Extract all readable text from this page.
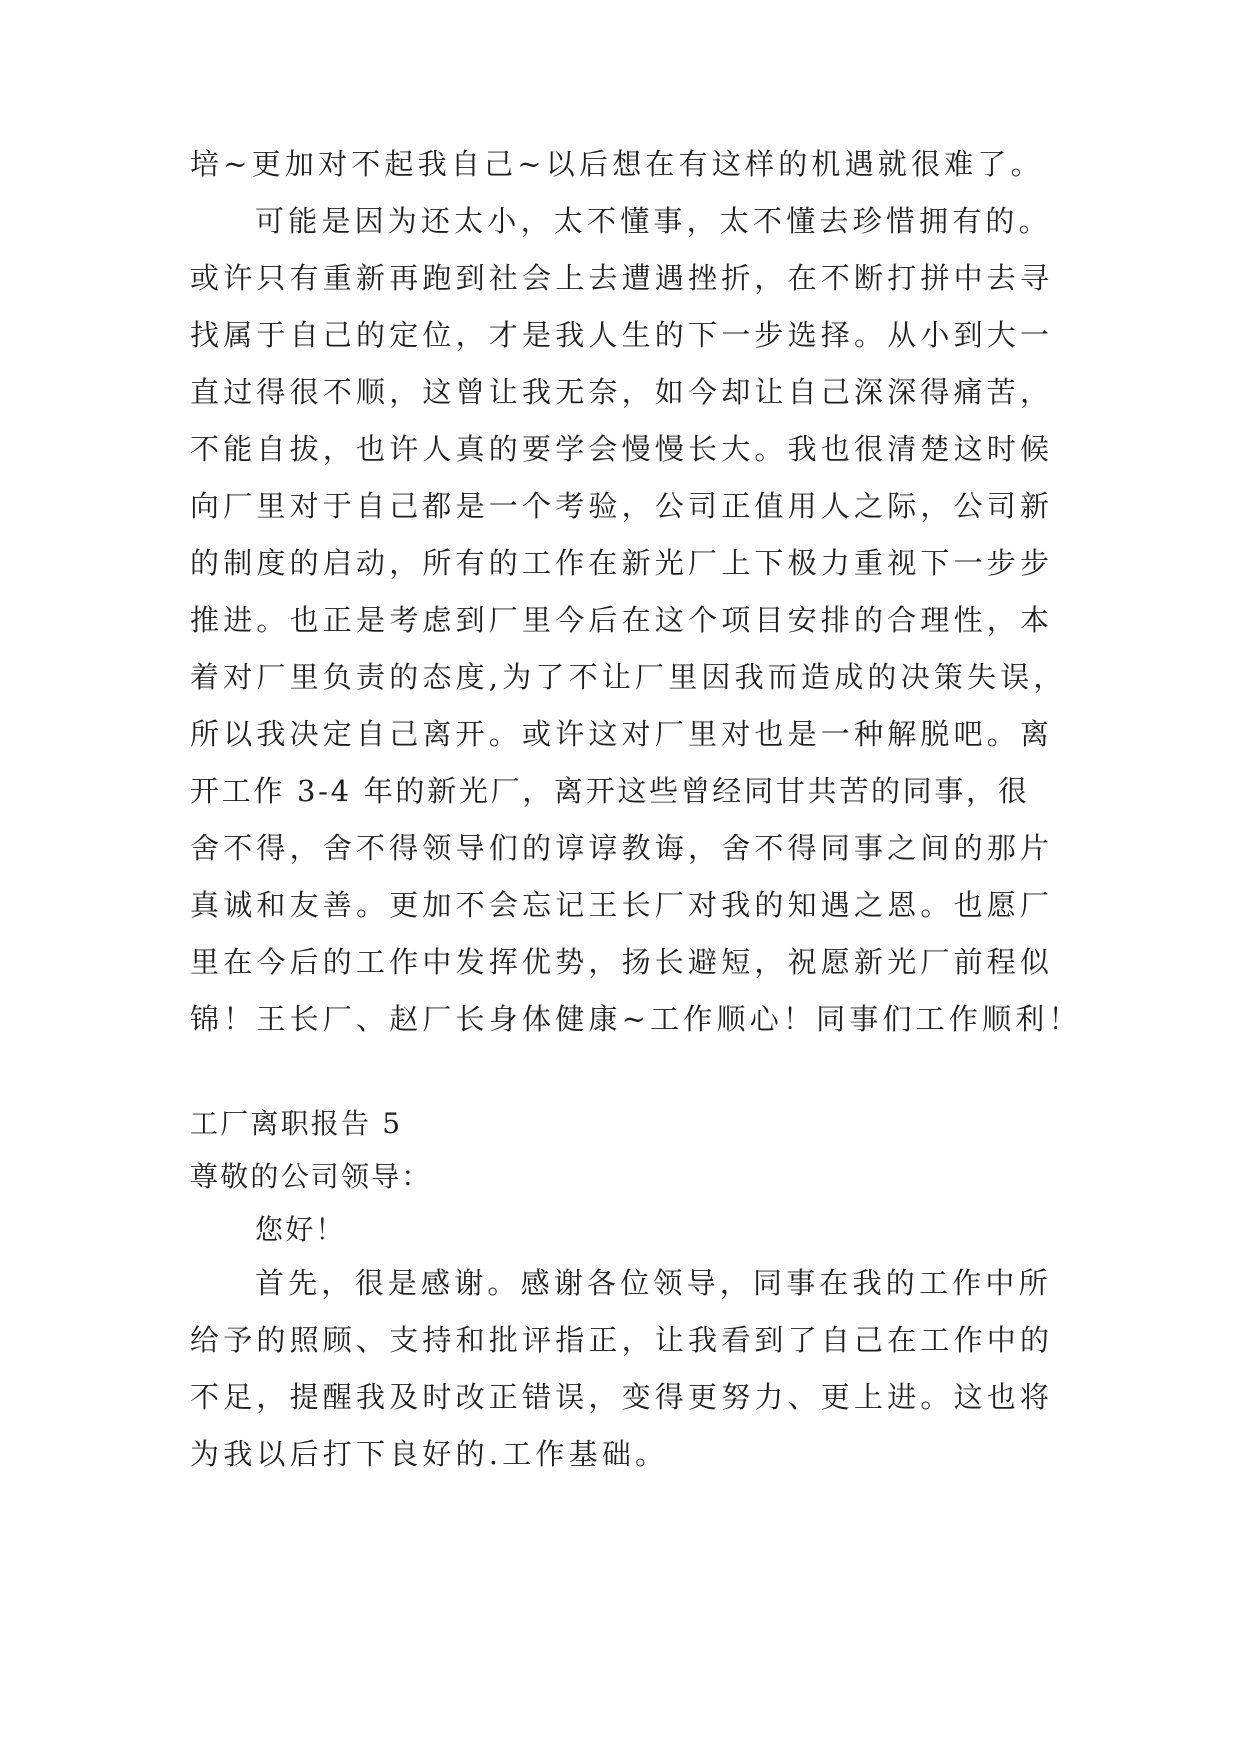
培~更加对不起我自己~以后想在有这样的机遇就很难了。
可能是因为还太小，太不懂事，太不懂去珍惜拥有的。
或许只有重新再跑到社会上去遭遇挫折，在不断打拼中去寻
找属于自己的定位，才是我人生的下一步选择。从小到大一
直过得很不顺，这曾让我无奈，如今却让自己深深得痛苦，
不能自拔，也许人真的要学会慢慢长大。我也很清楚这时候
向厂里对于自己都是一个考验，公司正值用人之际，公司新
的制度的启动，所有的工作在新光厂上下极力重视下一步步
推进。也正是考虑到厂里今后在这个项目安排的合理性，本
着对厂里负责的态度,为了不让厂里因我而造成的决策失误，
所以我决定自己离开。或许这对厂里对也是一种解脱吧。离
开工作 3-4 年的新光厂，离开这些曾经同甘共苦的同事，很
舍不得，舍不得领导们的谆谆教诲，舍不得同事之间的那片
真诚和友善。更加不会忘记王长厂对我的知遇之恩。也愿厂
里在今后的工作中发挥优势，扬长避短，祝愿新光厂前程似
锦！王长厂、赵厂长身体健康~工作顺心！同事们工作顺利！
工厂离职报告 5
尊敬的公司领导：
您好！
首先，很是感谢。感谢各位领导，同事在我的工作中所
给予的照顾、支持和批评指正，让我看到了自己在工作中的
不足，提醒我及时改正错误，变得更努力、更上进。这也将
为我以后打下良好的.工作基础。
